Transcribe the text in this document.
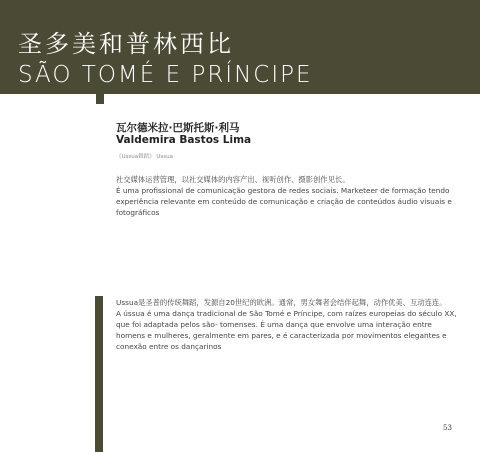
圣多美和普林西比
SÃO TOMÉ E PRÍNCIPE
瓦尔德米拉·巴斯托斯·利马
Valdemira Bastos Lima
《Ussua舞蹈》 Ussua

社交媒体运营管理，以社交媒体的内容产出、视听创作、摄影创作见长。

É uma profissional de comunicação gestora de redes sociais. Marketeer de formação tendo experiência relevante em conteúdo de comunicação e criação de conteúdos áudio visuais e fotográficos

Ussua是圣普的传统舞蹈，发源自20世纪的欧洲。通常，男女舞者会结伴起舞，动作优美、互动连连。

A ússua é uma dança tradicional de São Tomé e Príncipe, com raízes europeias do século XX, que foi adaptada pelos são- tomenses. É uma dança que envolve uma interação entre homens e mulheres, geralmente em pares, e é caracterizada por movimentos elegantes e conexão entre os dançarinos

53
